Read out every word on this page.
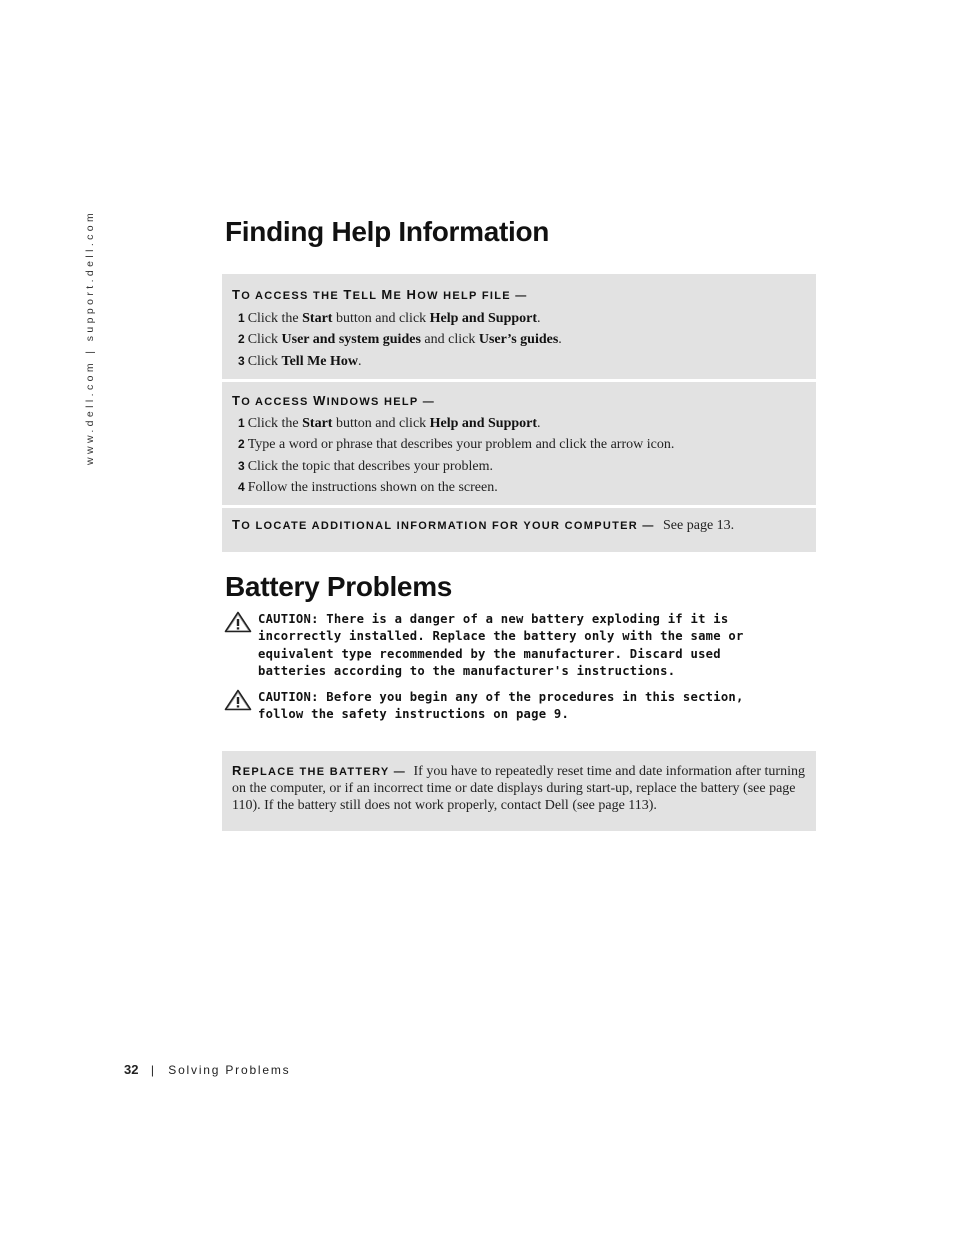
www.dell.com | support.dell.com	Finding Help Information
TO ACCESS THE TELL ME HOW HELP FILE —
1 Click the Start button and click Help and Support.
2 Click User and system guides and click User’s guides.
3 Click Tell Me How.
TO ACCESS WINDOWS HELP —
1 Click the Start button and click Help and Support.
2 Type a word or phrase that describes your problem and click the arrow icon.
3 Click the topic that describes your problem.
4 Follow the instructions shown on the screen.
TO LOCATE ADDITIONAL INFORMATION FOR YOUR COMPUTER — See page 13.
Battery Problems
CAUTION: There is a danger of a new battery exploding if it is incorrectly installed. Replace the battery only with the same or equivalent type recommended by the manufacturer. Discard used batteries according to the manufacturer's instructions.
CAUTION: Before you begin any of the procedures in this section, follow the safety instructions on page 9.
REPLACE THE BATTERY — If you have to repeatedly reset time and date information after turning on the computer, or if an incorrect time or date displays during start-up, replace the battery (see page 110). If the battery still does not work properly, contact Dell (see page 113).
32 | Solving Problems
